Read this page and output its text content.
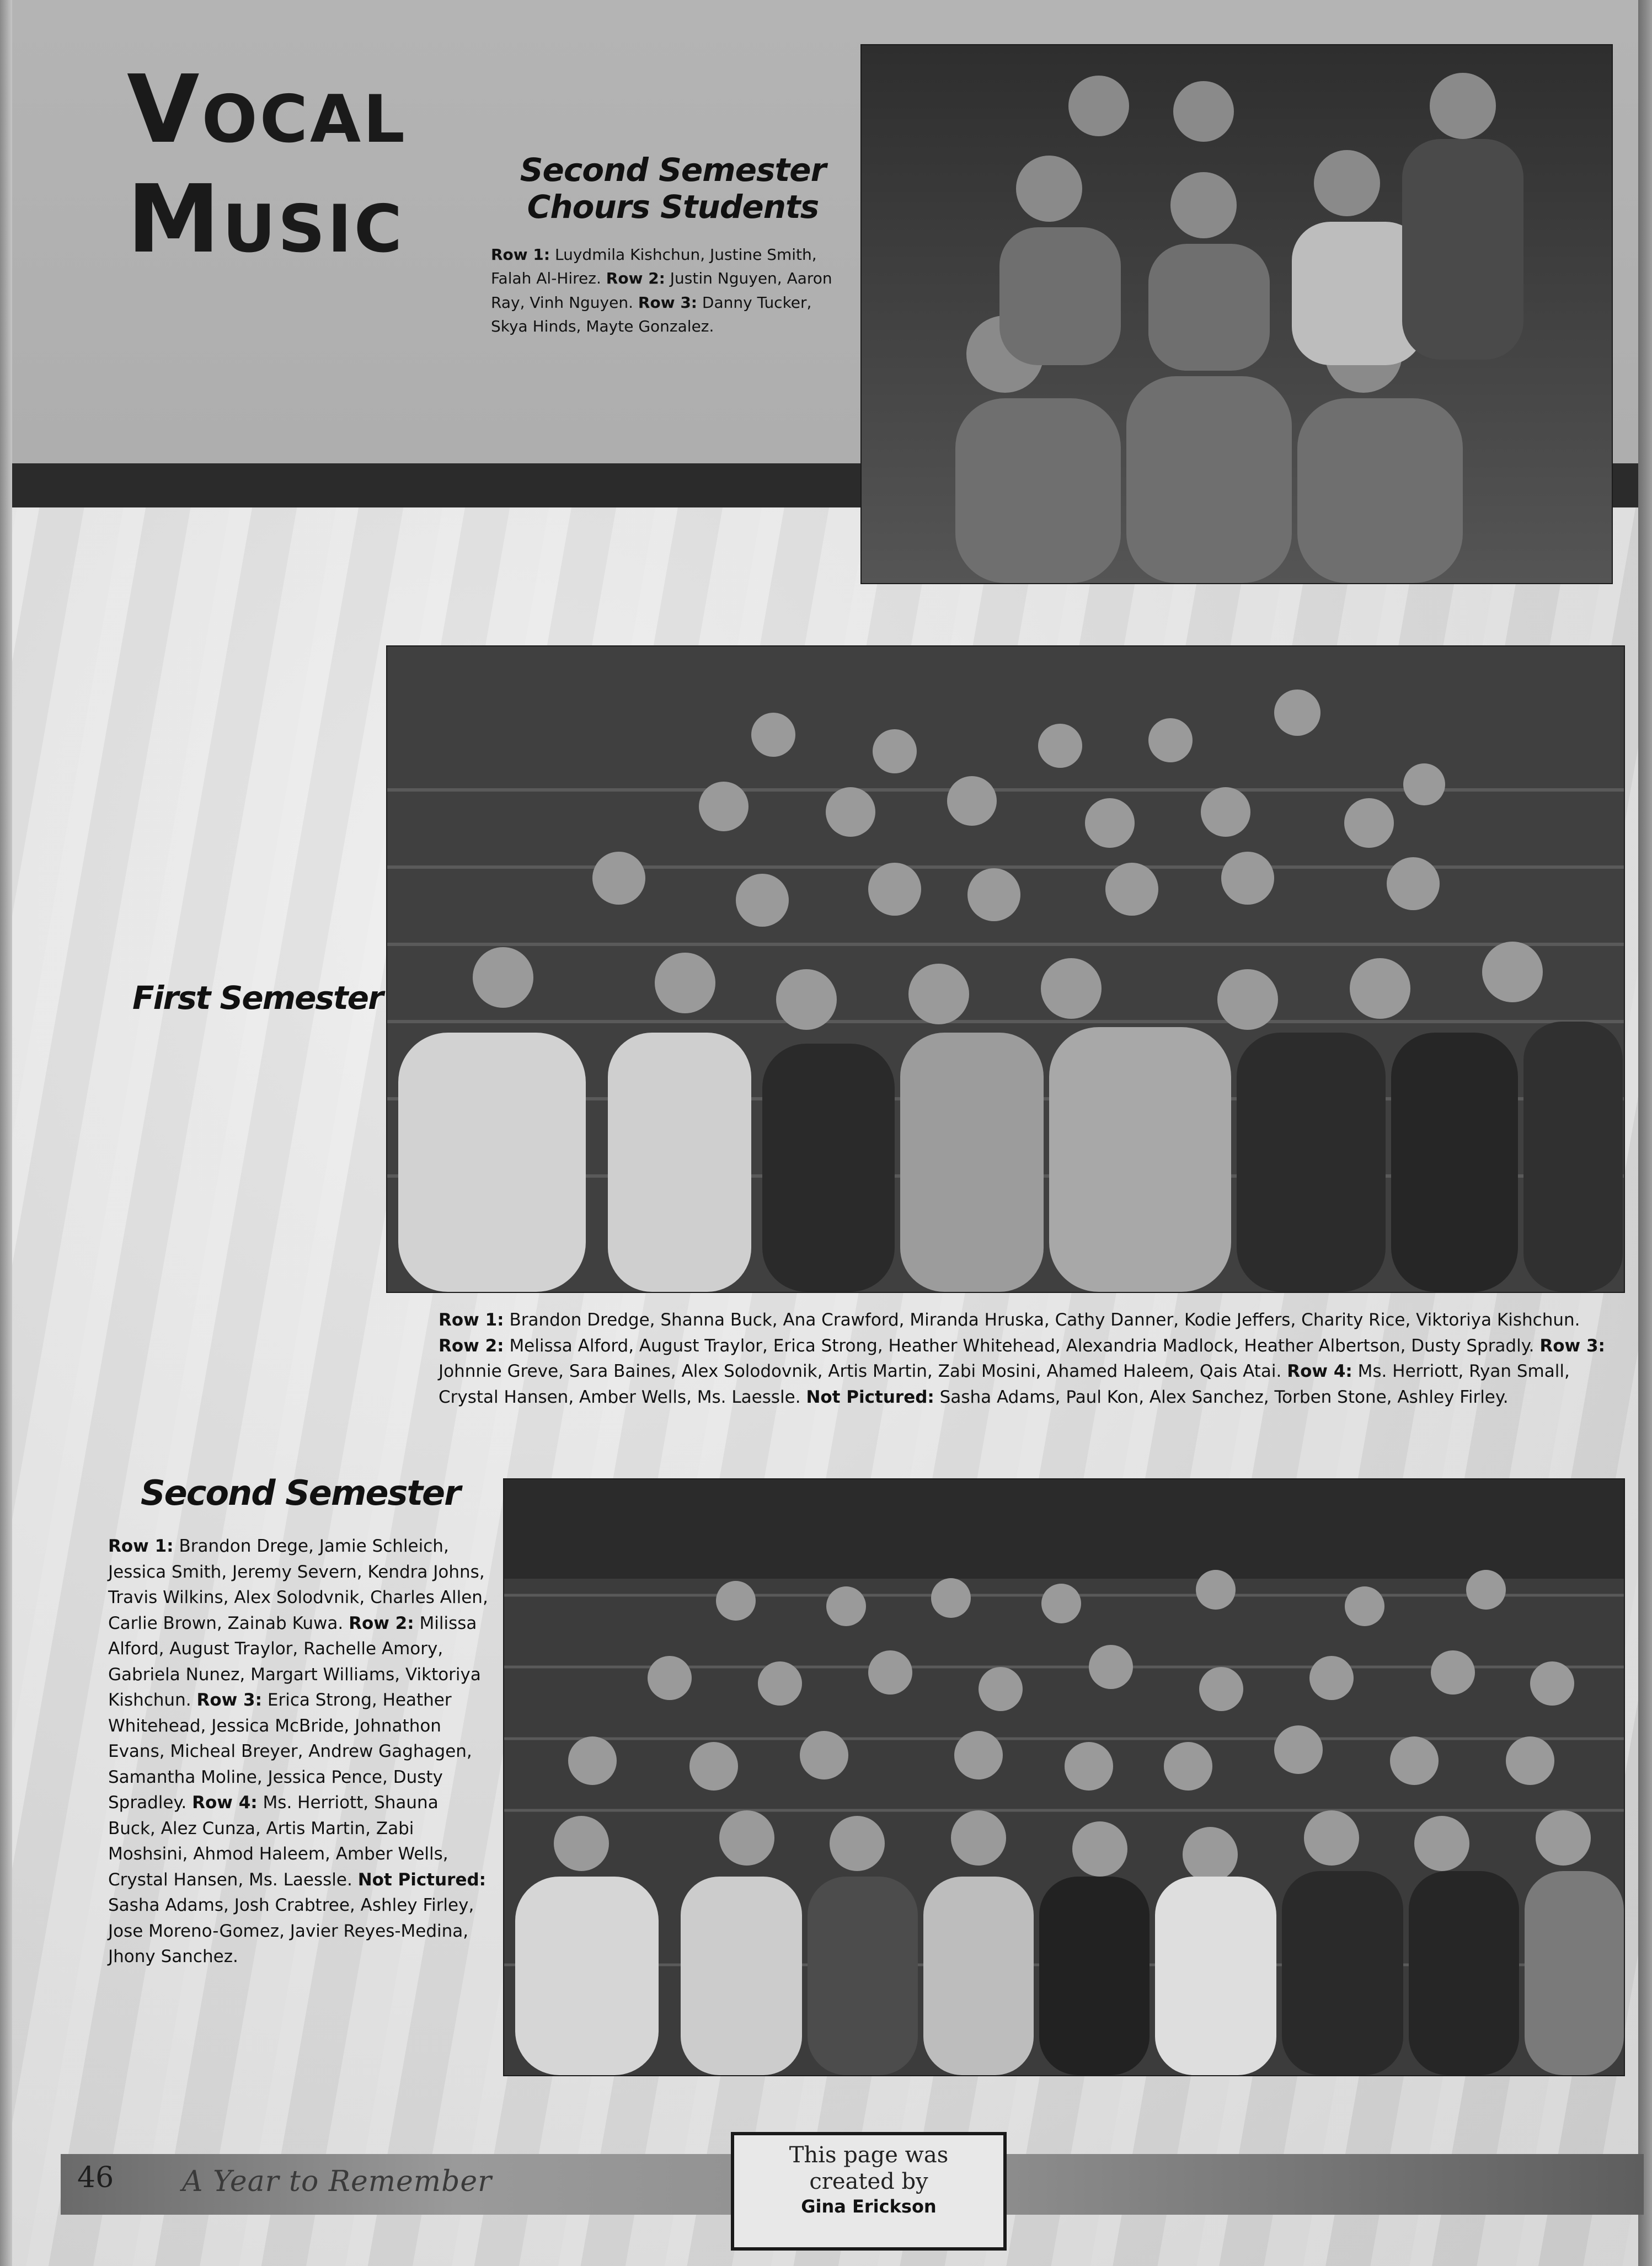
Vocal
Music	Second Semester Chours Students
Row 1: Luydmila Kishchun, Justine Smith, Falah Al-Hirez. Row 2: Justin Nguyen, Aaron Ray, Vinh Nguyen. Row 3: Danny Tucker, Skya Hinds, Mayte Gonzalez.
First Semester
Row 1: Brandon Dredge, Shanna Buck, Ana Crawford, Miranda Hruska, Cathy Danner, Kodie Jeffers, Charity Rice, Viktoriya Kishchun. Row 2: Melissa Alford, August Traylor, Erica Strong, Heather Whitehead, Alexandria Madlock, Heather Albertson, Dusty Spradly. Row 3: Johnnie Greve, Sara Baines, Alex Solodovnik, Artis Martin, Zabi Mosini, Ahamed Haleem, Qais Atai. Row 4: Ms. Herriott, Ryan Small, Crystal Hansen, Amber Wells, Ms. Laessle. Not Pictured: Sasha Adams, Paul Kon, Alex Sanchez, Torben Stone, Ashley Firley.
Second Semester
Row 1: Brandon Drege, Jamie Schleich, Jessica Smith, Jeremy Severn, Kendra Johns, Travis Wilkins, Alex Solodvnik, Charles Allen, Carlie Brown, Zainab Kuwa. Row 2: Milissa Alford, August Traylor, Rachelle Amory, Gabriela Nunez, Margart Williams, Viktoriya Kishchun. Row 3: Erica Strong, Heather Whitehead, Jessica McBride, Johnathon Evans, Micheal Breyer, Andrew Gaghagen, Samantha Moline, Jessica Pence, Dusty Spradley. Row 4: Ms. Herriott, Shauna Buck, Alez Cunza, Artis Martin, Zabi Moshsini, Ahmod Haleem, Amber Wells, Crystal Hansen, Ms. Laessle. Not Pictured: Sasha Adams, Josh Crabtree, Ashley Firley, Jose Moreno-Gomez, Javier Reyes-Medina, Jhony Sanchez.
46 A Year to Remember
This page was
created by
Gina Erickson
